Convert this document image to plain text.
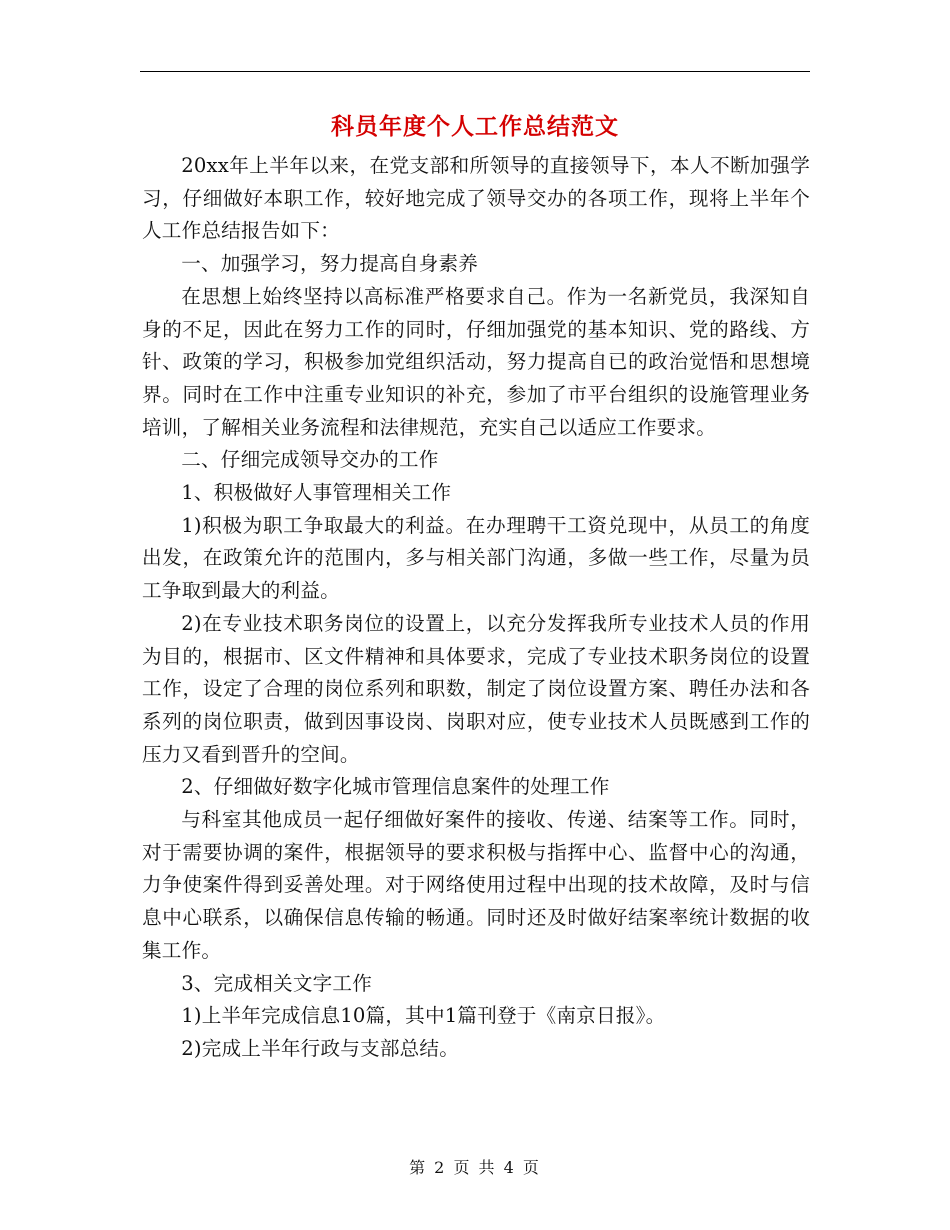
科员年度个人工作总结范文

20xx年上半年以来，在党支部和所领导的直接领导下，本人不断加强学习，仔细做好本职工作，较好地完成了领导交办的各项工作，现将上半年个人工作总结报告如下：

一、加强学习，努力提高自身素养

在思想上始终坚持以高标准严格要求自己。作为一名新党员，我深知自身的不足，因此在努力工作的同时，仔细加强党的基本知识、党的路线、方针、政策的学习，积极参加党组织活动，努力提高自已的政治觉悟和思想境界。同时在工作中注重专业知识的补充，参加了市平台组织的设施管理业务培训，了解相关业务流程和法律规范，充实自己以适应工作要求。

二、仔细完成领导交办的工作

1、积极做好人事管理相关工作

1)积极为职工争取最大的利益。在办理聘干工资兑现中，从员工的角度出发，在政策允许的范围内，多与相关部门沟通，多做一些工作，尽量为员工争取到最大的利益。

2)在专业技术职务岗位的设置上，以充分发挥我所专业技术人员的作用为目的，根据市、区文件精神和具体要求，完成了专业技术职务岗位的设置工作，设定了合理的岗位系列和职数，制定了岗位设置方案、聘任办法和各系列的岗位职责，做到因事设岗、岗职对应，使专业技术人员既感到工作的压力又看到晋升的空间。

2、仔细做好数字化城市管理信息案件的处理工作

与科室其他成员一起仔细做好案件的接收、传递、结案等工作。同时，对于需要协调的案件，根据领导的要求积极与指挥中心、监督中心的沟通，力争使案件得到妥善处理。对于网络使用过程中出现的技术故障，及时与信息中心联系，以确保信息传输的畅通。同时还及时做好结案率统计数据的收集工作。

3、完成相关文字工作

1)上半年完成信息10篇，其中1篇刊登于《南京日报》。

2)完成上半年行政与支部总结。

第 2 页 共 4 页
